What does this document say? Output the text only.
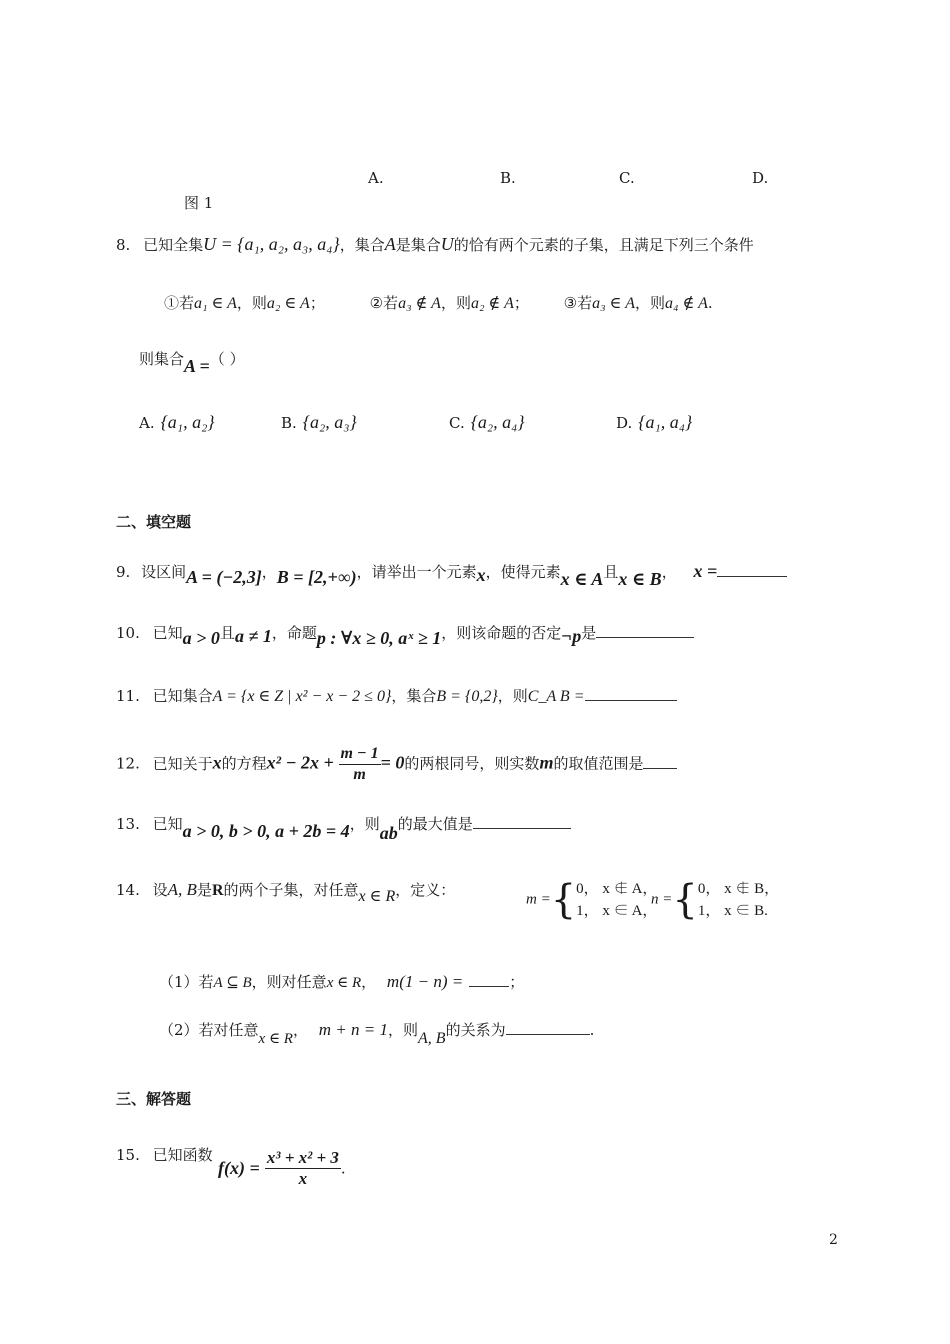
A.	B.	C.	D.
图 1
8. 已知全集U = {a₁, a₂, a₃, a₄}，集合A是集合U的恰有两个元素的子集，且满足下列三个条件
①若a₁ ∈ A，则a₂ ∈ A；	②若a₃ ∉ A，则a₂ ∉ A； ③若a₃ ∈ A，则a₄ ∉ A.
则集合A =（ ）
A. {a₁, a₂}	B. {a₂, a₃}	C. {a₂, a₄}	D. {a₁, a₄}
二、填空题
9. 设区间A = (−2,3]，B = [2,+∞)，请举出一个元素x，使得元素x ∈ A且x ∈ B， x =
10. 已知a > 0且a ≠ 1，命题p : ∀x ≥ 0, aˣ ≥ 1，则该命题的否定¬p是
11. 已知集合A = {x ∈ Z | x² − x − 2 ≤ 0}，集合B = {0,2}，则C_A B =
12. 已知关于x的方程$x^2 - 2x + \frac{m - 1}{m} = 0$的两根同号，则实数m的取值范围是
13. 已知a > 0, b > 0, a + 2b = 4，则ab的最大值是
14. 设A, B是R的两个子集，对任意x ∈ R，定义：
m ={ 0， x ∉ A，
1， x ∈ A，
n ={ 0， x ∉ B，
1， x ∈ B.
（1）若A ⊆ B，则对任意x ∈ R， m(1 − n) =	；
（2）若对任意x ∈ R， m + n = 1，则A, B的关系为	.
三、解答题
15. 已知函数
$f(x) = \frac{\text{x³ + x² + 3}}{x}$ .
2
